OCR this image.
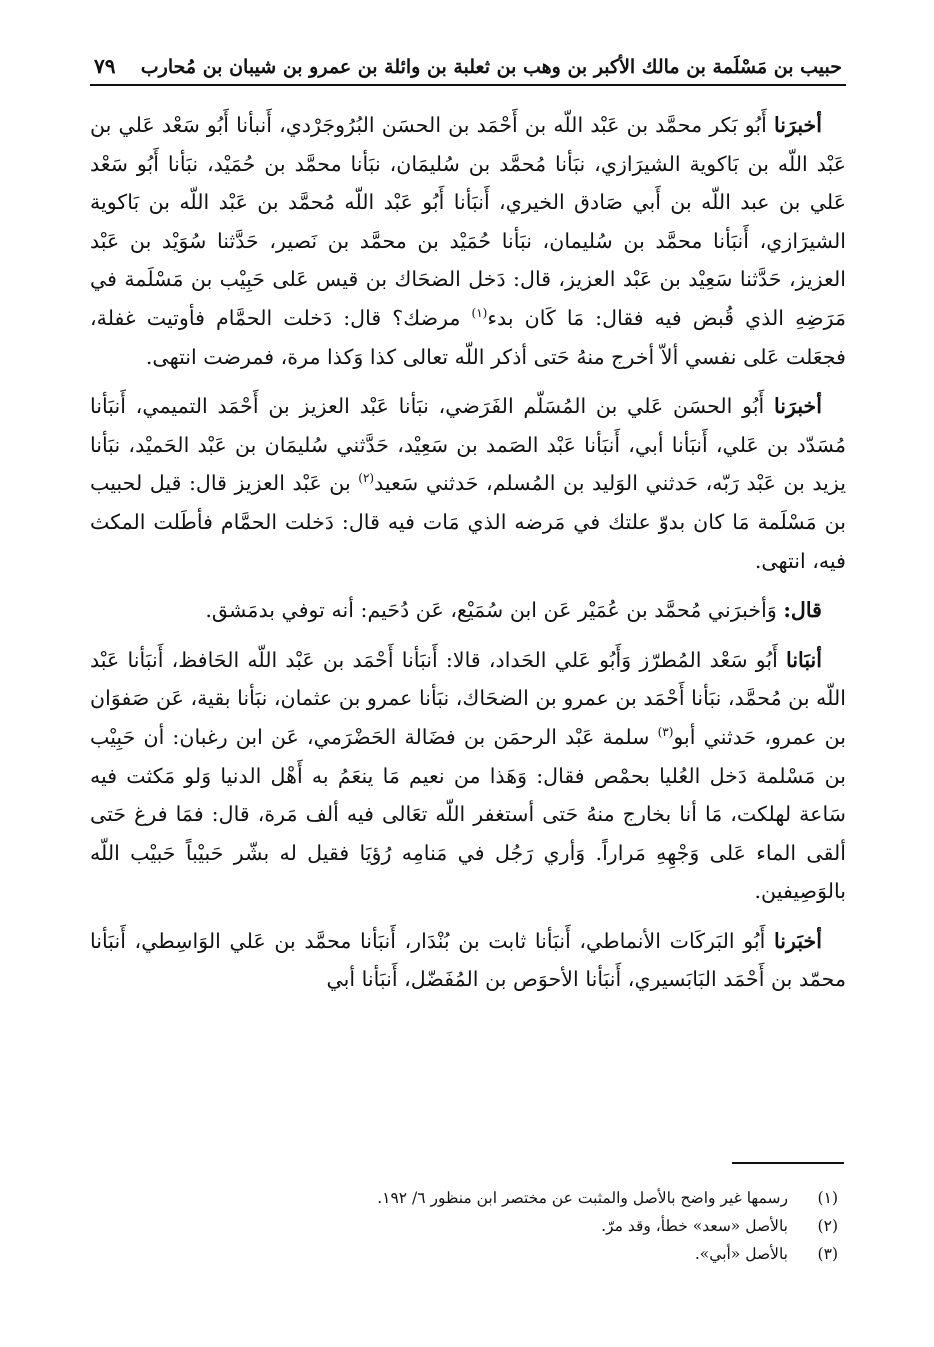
حبيب بن مَسْلَمة بن مالك الأكبر بن وهب بن ثعلبة بن وائلة بن عمرو بن شيبان بن مُحارب
٧٩

أخبرَنا أَبُو بَكر محمَّد بن عَبْد اللّه بن أَحْمَد بن الحسَن البُرُوجَرْدي، أَنبأنا أَبُو سَعْد عَلي بن عَبْد اللّه بن بَاكوية الشيرَازي، نبَأنا مُحمَّد بن سُليمَان، نبَأنا محمَّد بن حُمَيْد، نبَأنا أَبُو سَعْد عَلي بن عبد اللّه بن أَبي صَادق الخيري، أَنبَأنا أَبُو عَبْد اللّه مُحمَّد بن عَبْد اللّه بن بَاكوية الشيرَازي، أَنبَأنا محمَّد بن سُليمان، نبَأنا حُمَيْد بن محمَّد بن نَصير، حَدَّثنا سُوَيْد بن عَبْد العزيز، حَدَّثنا سَعِيْد بن عَبْد العزيز، قال: دَخل الضحَاك بن قيس عَلى حَبِيْب بن مَسْلَمة في مَرَضِهِ الذي قُبض فيه فقال: مَا كَان بدء$^{(١)}$ مرضك؟ قال: دَخلت الحمَّام فأوتيت غفلة، فجعَلت عَلى نفسي ألاّ أخرج منهُ حَتى أذكر اللّه تعالى كذا وَكذا مرة، فمرضت انتهى.

أخبرَنا أَبُو الحسَن عَلي بن المُسَلّم الفَرَضي، نبَأنا عَبْد العزيز بن أَحْمَد التميمي، أَنبَأنا مُسَدّد بن عَلي، أَنبَأنا أبي، أَنبَأنا عَبْد الصَمد بن سَعِيْد، حَدَّثني سُليمَان بن عَبْد الحَميْد، نبَأنا يزيد بن عَبْد رَبّه، حَدثني الوَليد بن المُسلم، حَدثني سَعيد$^{(٢)}$ بن عَبْد العزيز قال: قيل لحبيب بن مَسْلَمة مَا كان بدوّ علتك في مَرضه الذي مَات فيه قال: دَخلت الحمَّام فأطَلت المكث فيه، انتهى.

قال: وَأخبرَني مُحمَّد بن عُمَيْر عَن ابن سُمَيْع، عَن دُحَيم: أنه توفي بدمَشق.

أنبَانا أَبُو سَعْد المُطرّز وَأَبُو عَلي الحَداد، قالا: أَنبَأنا أَحْمَد بن عَبْد اللّه الحَافظ، أَنبَأنا عَبْد اللّه بن مُحمَّد، نبَأنا أَحْمَد بن عمرو بن الضحَاك، نبَأنا عمرو بن عثمان، نبَأنا بقية، عَن صَفوَان بن عمرو، حَدثني أبو$^{(٣)}$ سلمة عَبْد الرحمَن بن فضَالة الحَضْرَمي، عَن ابن رغبان: أن حَبِيْب بن مَسْلمة دَخل العُليا بحمْص فقال: وَهَذا من نعيم مَا ينعَمُ به أَهْل الدنيا وَلو مَكثت فيه سَاعة لهلكت، مَا أنا بخارج منهُ حَتى أستغفر اللّه تعَالى فيه ألف مَرة، قال: فمَا فرغ حَتى ألقى الماء عَلى وَجْهِهِ مَراراً. وَأري رَجُل في مَنامِه رُؤيَا فقيل له بشّر حَبيْباً حَبيْب اللّه بالوَصِيفين.

أخبَرنا أَبُو البَركَات الأنماطي، أَنبَأنا ثابت بن بُنْدَار، أَنبَأنا محمَّد بن عَلي الوَاسِطي، أَنبَأنا محمّد بن أَحْمَد البَابَسيري، أَنبَأنا الأحوَص بن المُفَضّل، أَنبَأنا أبي

(١)
رسمها غير واضح بالأصل والمثبت عن مختصر ابن منظور ٦/ ١٩٢.
(٢)
بالأصل «سعد» خطأ، وقد مرّ.
(٣)
بالأصل «أبي».
